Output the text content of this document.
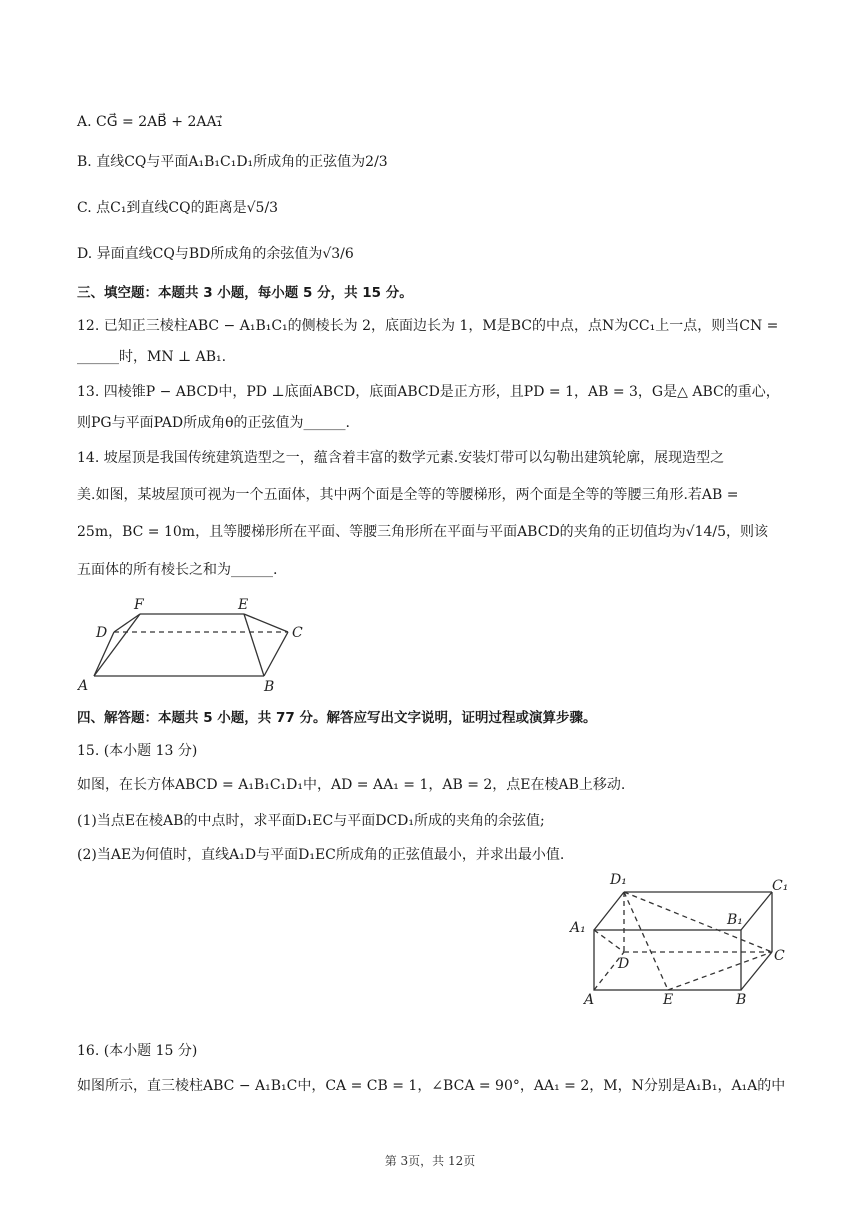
A. CG⃗ = 2AB⃗ + 2AA₁⃗
B. 直线CQ与平面A₁B₁C₁D₁所成角的正弦值为2/3
C. 点C₁到直线CQ的距离是√5/3
D. 异面直线CQ与BD所成角的余弦值为√3/6
三、填空题：本题共 3 小题，每小题 5 分，共 15 分。
12. 已知正三棱柱ABC − A₁B₁C₁的侧棱长为 2，底面边长为 1，M是BC的中点，点N为CC₁上一点，则当CN =
______时，MN ⊥ AB₁.
13. 四棱锥P − ABCD中，PD ⊥底面ABCD，底面ABCD是正方形，且PD = 1，AB = 3，G是△ ABC的重心，
则PG与平面PAD所成角θ的正弦值为______.
14. 坡屋顶是我国传统建筑造型之一，蕴含着丰富的数学元素.安装灯带可以勾勒出建筑轮廓，展现造型之
美.如图，某坡屋顶可视为一个五面体，其中两个面是全等的等腰梯形，两个面是全等的等腰三角形.若AB =
25m，BC = 10m，且等腰梯形所在平面、等腰三角形所在平面与平面ABCD的夹角的正切值均为√14/5，则该
五面体的所有棱长之和为______.
F	E
D	C
A	B
四、解答题：本题共 5 小题，共 77 分。解答应写出文字说明，证明过程或演算步骤。
15. (本小题 13 分)
如图，在长方体ABCD = A₁B₁C₁D₁中，AD = AA₁ = 1，AB = 2，点E在棱AB上移动.
(1)当点E在棱AB的中点时，求平面D₁EC与平面DCD₁所成的夹角的余弦值;
(2)当AE为何值时，直线A₁D与平面D₁EC所成角的正弦值最小，并求出最小值.
D₁	C₁
A₁	B₁
D	C
A	E	B
16. (本小题 15 分)
如图所示，直三棱柱ABC − A₁B₁C中，CA = CB = 1，∠BCA = 90°，AA₁ = 2，M，N分别是A₁B₁，A₁A的中
第 3页，共 12页
